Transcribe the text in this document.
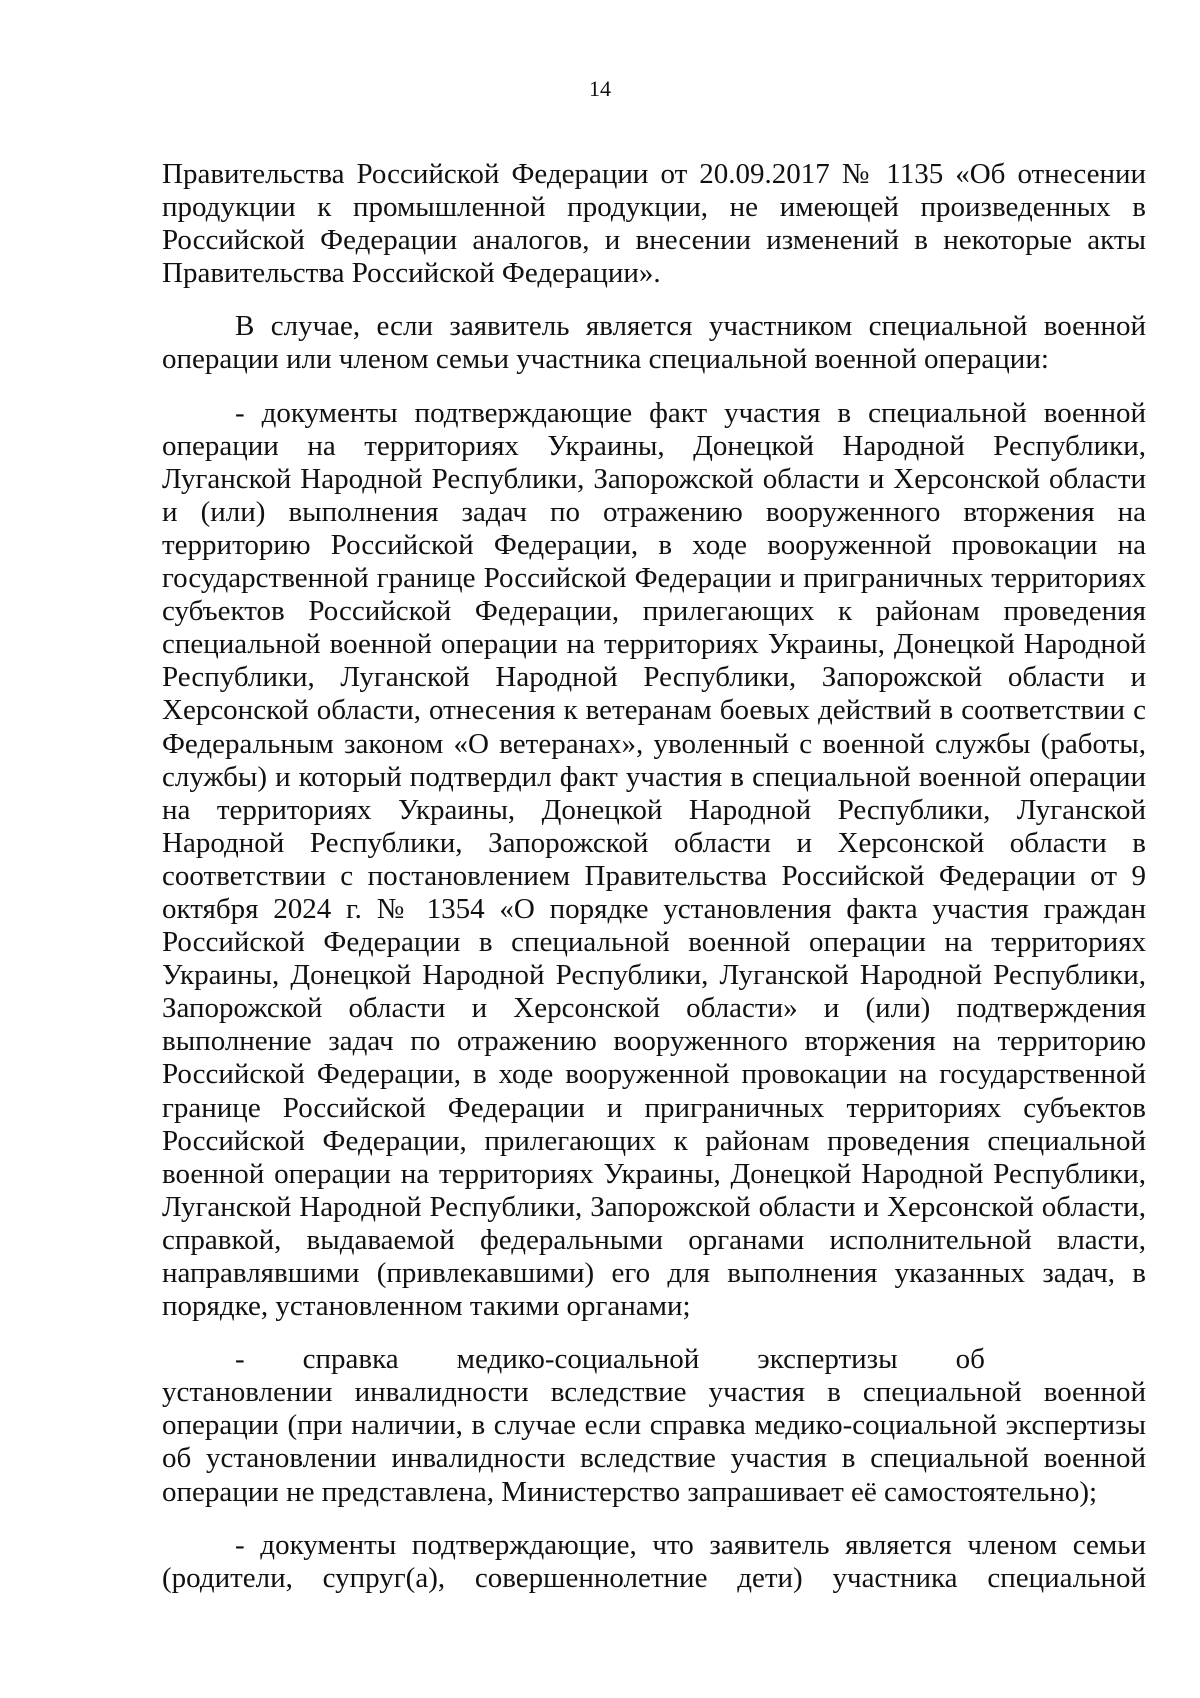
14

Правительства Российской Федерации от 20.09.2017 № 1135 «Об отнесении продукции к промышленной продукции, не имеющей произведенных в Российской Федерации аналогов, и внесении изменений в некоторые акты Правительства Российской Федерации».

В случае, если заявитель является участником специальной военной операции или членом семьи участника специальной военной операции:

- документы подтверждающие факт участия в специальной военной операции на территориях Украины, Донецкой Народной Республики, Луганской Народной Республики, Запорожской области и Херсонской области и (или) выполнения задач по отражению вооруженного вторжения на территорию Российской Федерации, в ходе вооруженной провокации на государственной границе Российской Федерации и приграничных территориях субъектов Российской Федерации, прилегающих к районам проведения специальной военной операции на территориях Украины, Донецкой Народной Республики, Луганской Народной Республики, Запорожской области и Херсонской области, отнесения к ветеранам боевых действий в соответствии с Федеральным законом «О ветеранах», уволенный с военной службы (работы, службы) и который подтвердил факт участия в специальной военной операции на территориях Украины, Донецкой Народной Республики, Луганской Народной Республики, Запорожской области и Херсонской области в соответствии с постановлением Правительства Российской Федерации от 9 октября 2024 г. № 1354 «О порядке установления факта участия граждан Российской Федерации в специальной военной операции на территориях Украины, Донецкой Народной Республики, Луганской Народной Республики, Запорожской области и Херсонской области» и (или) подтверждения выполнение задач по отражению вооруженного вторжения на территорию Российской Федерации, в ходе вооруженной провокации на государственной границе Российской Федерации и приграничных территориях субъектов Российской Федерации, прилегающих к районам проведения специальной военной операции на территориях Украины, Донецкой Народной Республики, Луганской Народной Республики, Запорожской области и Херсонской области, справкой, выдаваемой федеральными органами исполнительной власти, направлявшими (привлекавшими) его для выполнения указанных задач, в порядке, установленном такими органами;

-  справка  медико-социальной  экспертизы  об  установлении инвалидности вследствие участия в специальной военной операции (при наличии, в случае если справка медико-социальной экспертизы об установлении инвалидности вследствие участия в специальной военной операции не представлена, Министерство запрашивает её самостоятельно);

- документы подтверждающие, что заявитель является членом семьи (родители, супруг(а), совершеннолетние дети) участника специальной
